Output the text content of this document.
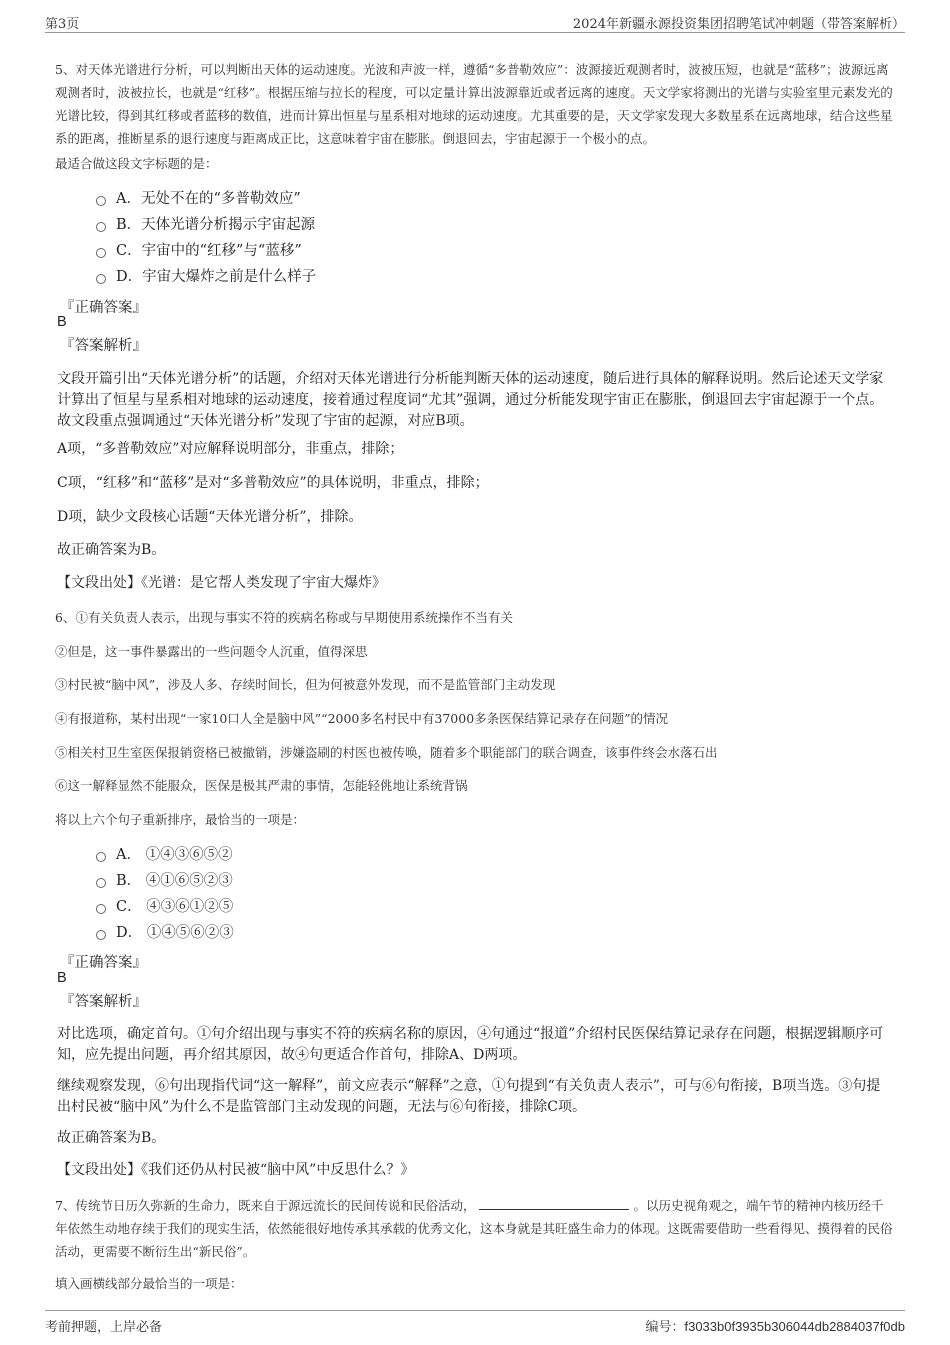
第3页	2024年新疆永源投资集团招聘笔试冲刺题（带答案解析）
5、对天体光谱进行分析，可以判断出天体的运动速度。光波和声波一样，遵循“多普勒效应”：波源接近观测者时，波被压短，也就是“蓝移”；波源远离观测者时，波被拉长，也就是“红移”。根据压缩与拉长的程度，可以定量计算出波源靠近或者远离的速度。天文学家将测出的光谱与实验室里元素发光的光谱比较，得到其红移或者蓝移的数值，进而计算出恒星与星系相对地球的运动速度。尤其重要的是，天文学家发现大多数星系在远离地球，结合这些星系的距离，推断星系的退行速度与距离成正比，这意味着宇宙在膨胀。倒退回去，宇宙起源于一个极小的点。
最适合做这段文字标题的是：
A．无处不在的“多普勒效应”
B．天体光谱分析揭示宇宙起源
C．宇宙中的“红移”与“蓝移”
D．宇宙大爆炸之前是什么样子
『正确答案』
B
『答案解析』
文段开篇引出“天体光谱分析”的话题，介绍对天体光谱进行分析能判断天体的运动速度，随后进行具体的解释说明。然后论述天文学家计算出了恒星与星系相对地球的运动速度，接着通过程度词“尤其”强调，通过分析能发现宇宙正在膨胀，倒退回去宇宙起源于一个点。故文段重点强调通过“天体光谱分析”发现了宇宙的起源，对应B项。
A项，“多普勒效应”对应解释说明部分，非重点，排除；
C项，“红移”和“蓝移”是对“多普勒效应”的具体说明，非重点，排除；
D项，缺少文段核心话题“天体光谱分析”，排除。
故正确答案为B。
【文段出处】《光谱：是它帮人类发现了宇宙大爆炸》
6、①有关负责人表示，出现与事实不符的疾病名称或与早期使用系统操作不当有关
②但是，这一事件暴露出的一些问题令人沉重，值得深思
③村民被“脑中风”，涉及人多、存续时间长，但为何被意外发现，而不是监管部门主动发现
④有报道称，某村出现“一家10口人全是脑中风”“2000多名村民中有37000多条医保结算记录存在问题”的情况
⑤相关村卫生室医保报销资格已被撤销，涉嫌盗刷的村医也被传唤，随着多个职能部门的联合调查，该事件终会水落石出
⑥这一解释显然不能服众，医保是极其严肃的事情，怎能轻佻地让系统背锅
将以上六个句子重新排序，最恰当的一项是：
A． ①④③⑥⑤②
B． ④①⑥⑤②③
C． ④③⑥①②⑤
D． ①④⑤⑥②③
『正确答案』
B
『答案解析』
对比选项，确定首句。①句介绍出现与事实不符的疾病名称的原因，④句通过“报道”介绍村民医保结算记录存在问题，根据逻辑顺序可知，应先提出问题，再介绍其原因，故④句更适合作首句，排除A、D两项。
继续观察发现，⑥句出现指代词“这一解释”，前文应表示“解释”之意，①句提到“有关负责人表示”，可与⑥句衔接，B项当选。③句提出村民被“脑中风”为什么不是监管部门主动发现的问题，无法与⑥句衔接，排除C项。
故正确答案为B。
【文段出处】《我们还仍从村民被“脑中风”中反思什么？》
7、传统节日历久弥新的生命力，既来自于源远流长的民间传说和民俗活动，	。以历史视角观之，端午节的精神内核历经千年依然生动地存续于我们的现实生活，依然能很好地传承其承载的优秀文化，这本身就是其旺盛生命力的体现。这既需要借助一些看得见、摸得着的民俗活动，更需要不断衍生出“新民俗”。
填入画横线部分最恰当的一项是：
考前押题，上岸必备	编号：f3033b0f3935b306044db2884037f0db
